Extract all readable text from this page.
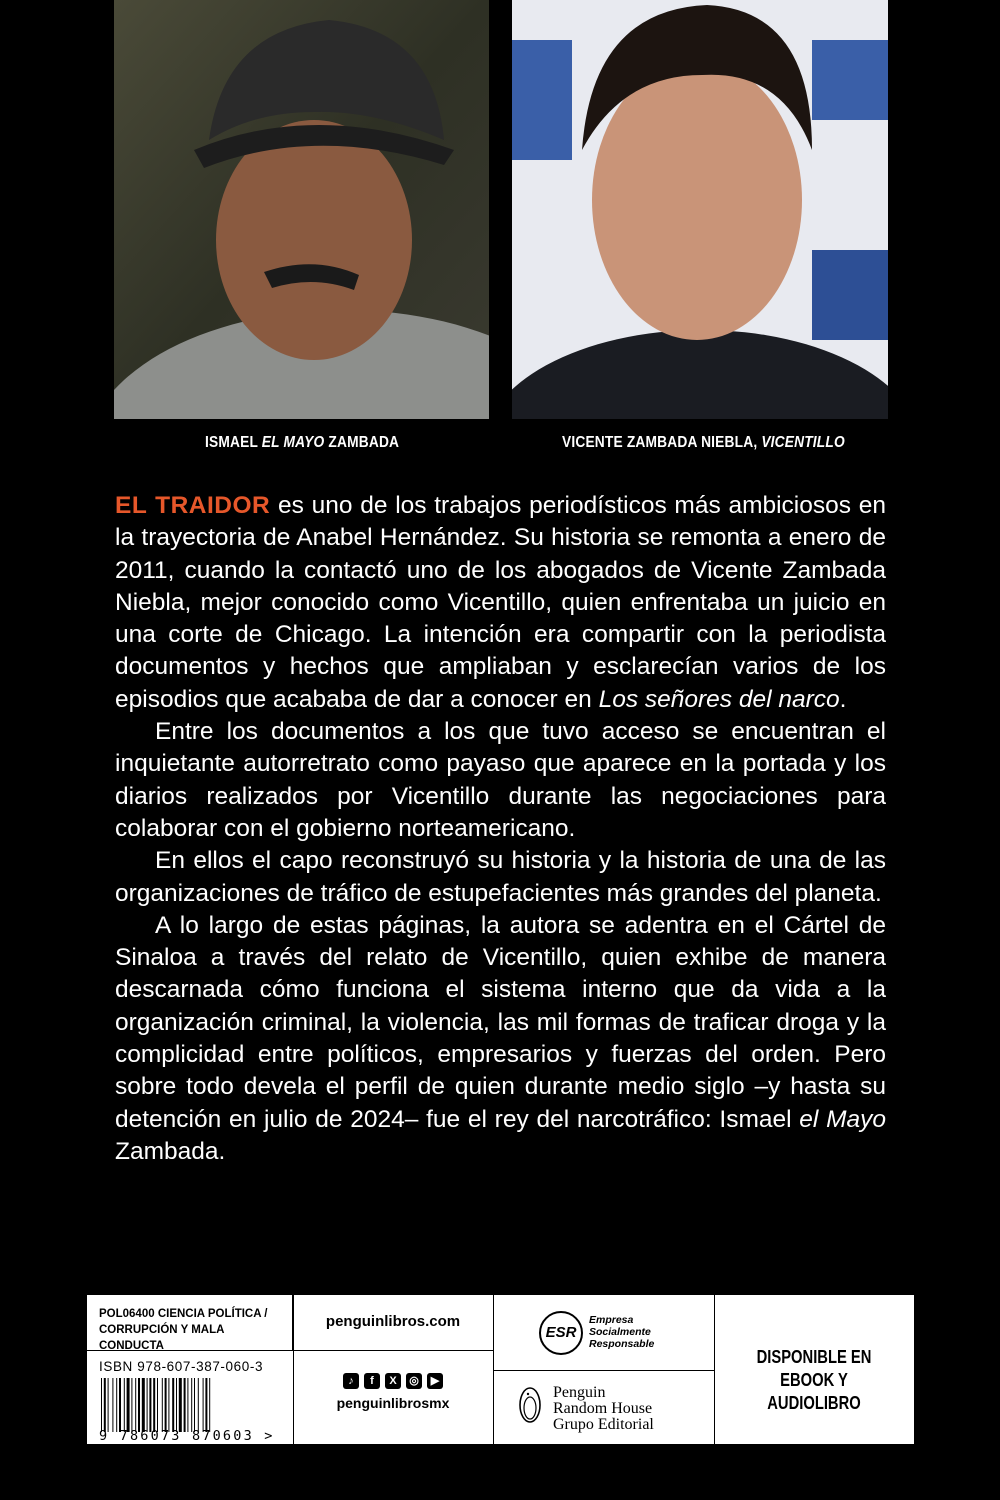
ISMAEL EL MAYO ZAMBADA	VICENTE ZAMBADA NIEBLA, VICENTILLO

EL TRAIDOR es uno de los trabajos periodísticos más ambiciosos en la trayectoria de Anabel Hernández. Su historia se remonta a enero de 2011, cuando la contactó uno de los abogados de Vicente Zambada Niebla, mejor conocido como Vicentillo, quien enfrentaba un juicio en una corte de Chicago. La intención era compartir con la periodista documentos y hechos que ampliaban y esclarecían varios de los episodios que acababa de dar a conocer en Los señores del narco.

Entre los documentos a los que tuvo acceso se encuentran el inquietante autorretrato como payaso que aparece en la portada y los diarios realizados por Vicentillo durante las negociaciones para colaborar con el gobierno norteamericano.

En ellos el capo reconstruyó su historia y la historia de una de las organizaciones de tráfico de estupefacientes más grandes del planeta.

A lo largo de estas páginas, la autora se adentra en el Cártel de Sinaloa a través del relato de Vicentillo, quien exhibe de manera descarnada cómo funciona el sistema interno que da vida a la organización criminal, la violencia, las mil formas de traficar droga y la complicidad entre políticos, empresarios y fuerzas del orden. Pero sobre todo devela el perfil de quien durante medio siglo –y hasta su detención en julio de 2024– fue el rey del narcotráfico: Ismael el Mayo Zambada.

POL06400 CIENCIA POLÍTICA /
CORRUPCIÓN Y MALA CONDUCTA
ISBN 978-607-387-060-3
9 786073 870603 >
penguinlibros.com
♪	f	X	◎	▶
penguinlibrosmx
ESR
Empresa
Socialmente
Responsable
Penguin
Random House
Grupo Editorial
DISPONIBLE EN
EBOOK Y AUDIOLIBRO
